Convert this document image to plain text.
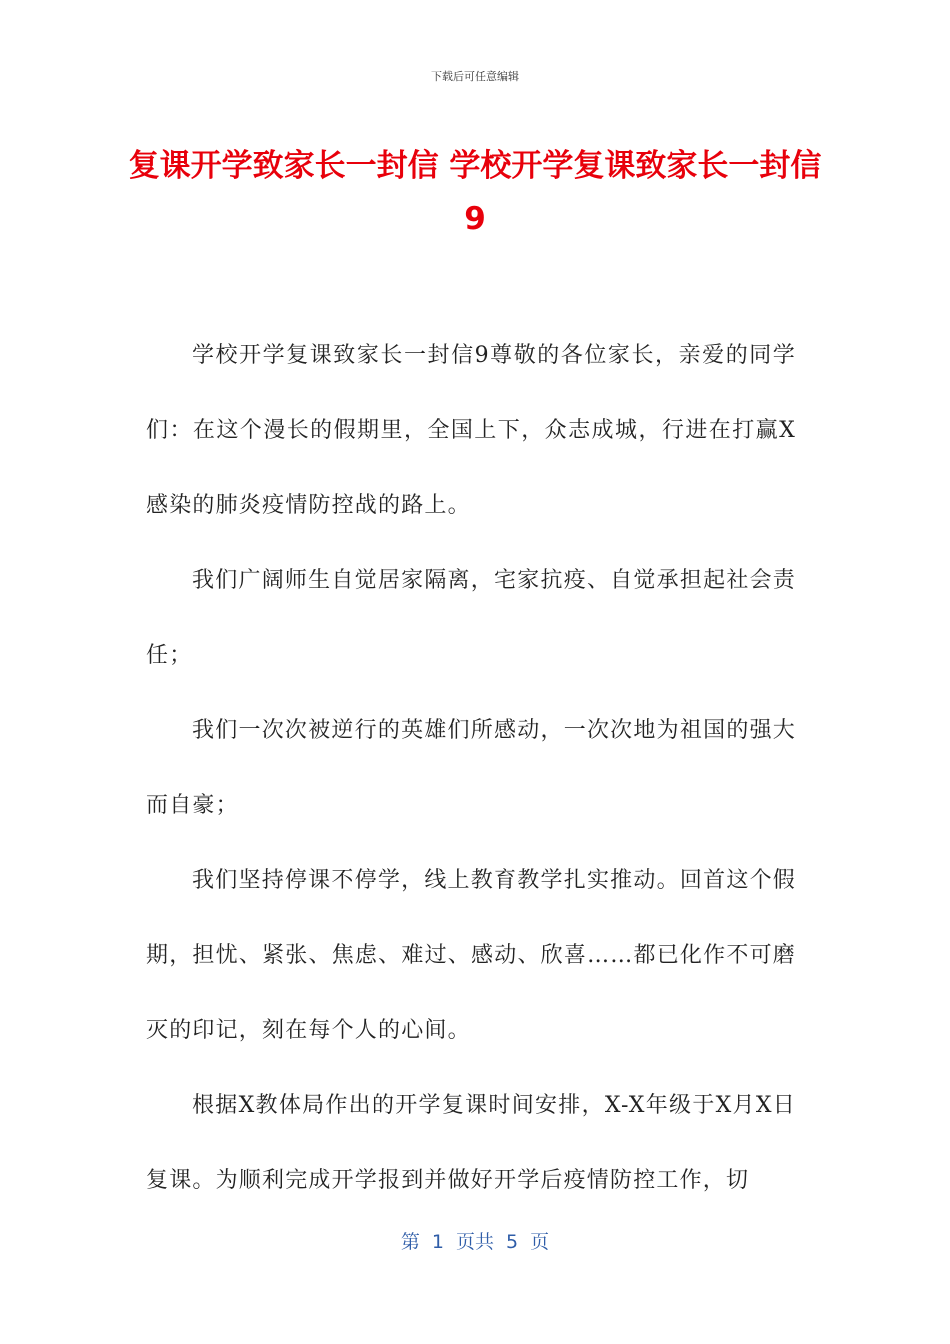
下载后可任意编辑
复课开学致家长一封信 学校开学复课致家长一封信9

学校开学复课致家长一封信9尊敬的各位家长，亲爱的同学们：在这个漫长的假期里，全国上下，众志成城，行进在打赢X感染的肺炎疫情防控战的路上。

我们广阔师生自觉居家隔离，宅家抗疫、自觉承担起社会责任；

我们一次次被逆行的英雄们所感动，一次次地为祖国的强大而自豪；

我们坚持停课不停学，线上教育教学扎实推动。回首这个假期，担忧、紧张、焦虑、难过、感动、欣喜……都已化作不可磨灭的印记，刻在每个人的心间。

根据X教体局作出的开学复课时间安排，X-X年级于X月X日复课。为顺利完成开学报到并做好开学后疫情防控工作，切

第 1 页共 5 页
